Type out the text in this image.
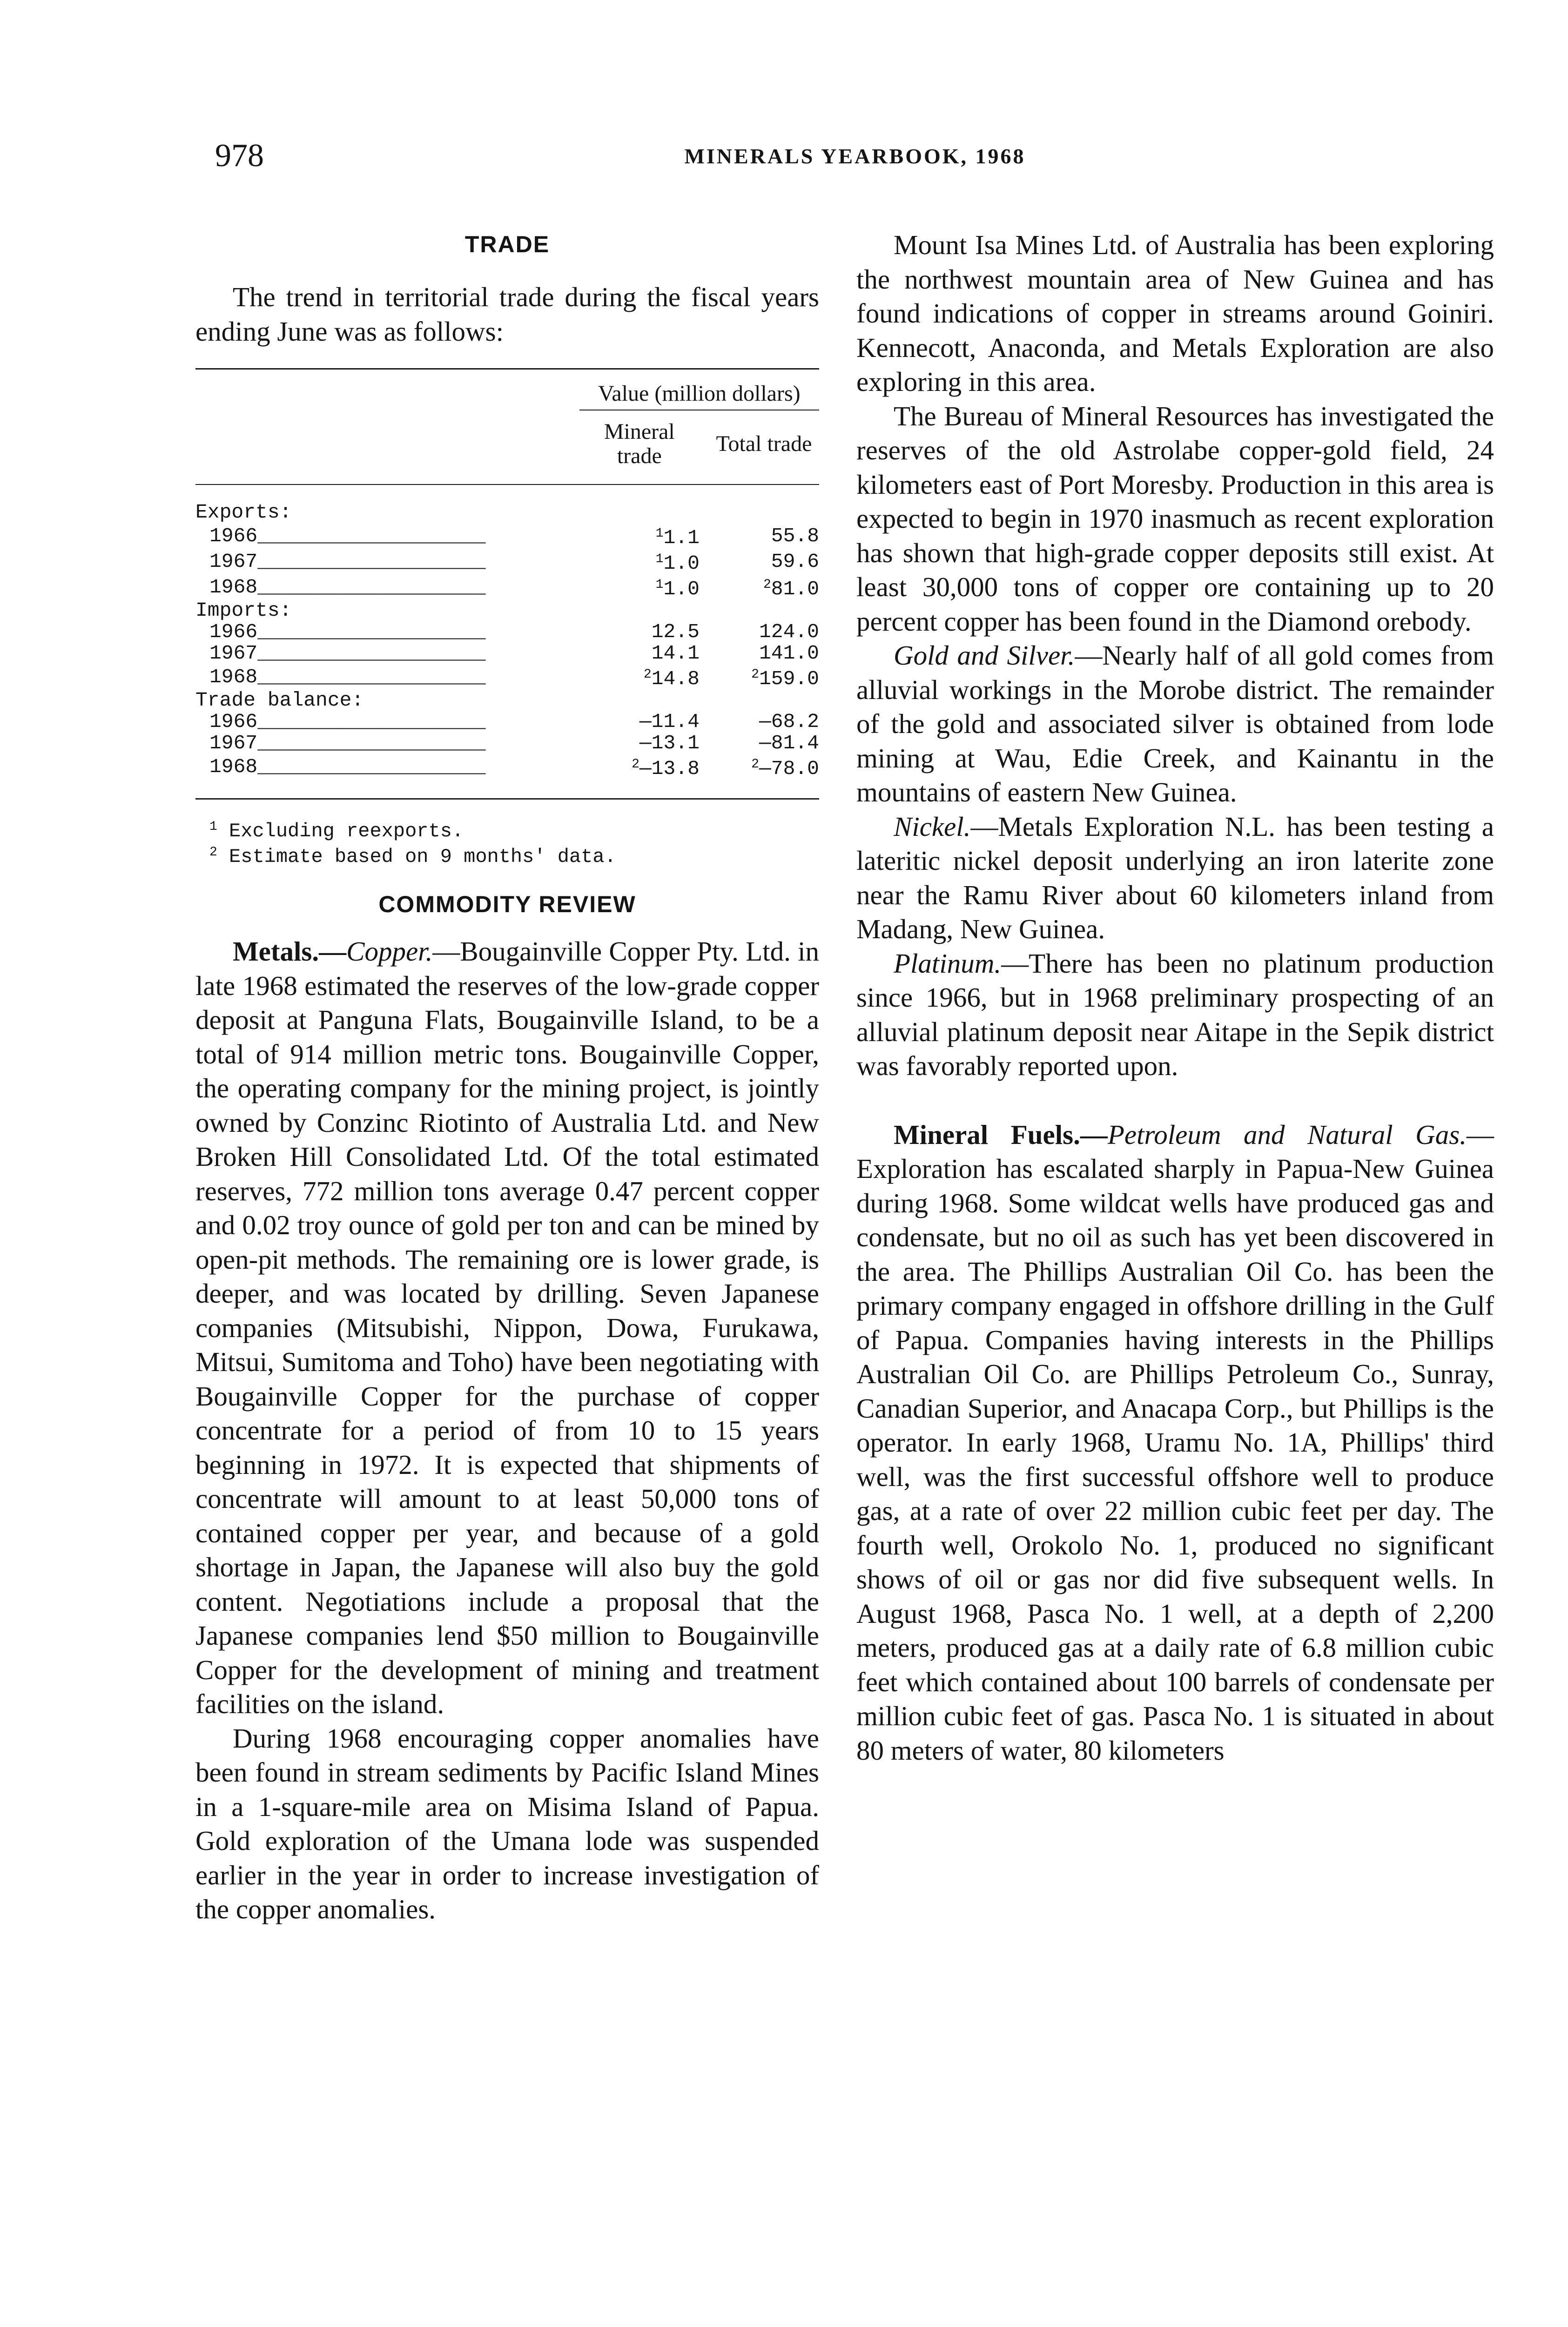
978	MINERALS YEARBOOK, 1968
TRADE

The trend in territorial trade during the fiscal years ending June was as follows:

	Value (million dollars)	
	Mineral trade	Total trade

Exports:		
1966___________________	$^1$1.1	55.8
1967___________________	$^1$1.0	59.6
1968___________________	$^1$1.0	$^2$81.0
Imports:		
1966___________________	12.5	124.0
1967___________________	14.1	141.0
1968___________________	$^2$14.8	$^2$159.0
Trade balance:		
1966___________________	—11.4	—68.2
1967___________________	—13.1	—81.4
1968___________________	$^2$—13.8	$^2$—78.0

$^1$ Excluding reexports.
$^2$ Estimate based on 9 months' data.
COMMODITY REVIEW

Metals.—Copper.—Bougainville Copper Pty. Ltd. in late 1968 estimated the reserves of the low-grade copper deposit at Panguna Flats, Bougainville Island, to be a total of 914 million metric tons. Bougainville Copper, the operating company for the mining project, is jointly owned by Conzinc Riotinto of Australia Ltd. and New Broken Hill Consolidated Ltd. Of the total estimated reserves, 772 million tons average 0.47 percent copper and 0.02 troy ounce of gold per ton and can be mined by open-pit methods. The remaining ore is lower grade, is deeper, and was located by drilling. Seven Japanese companies (Mitsubishi, Nippon, Dowa, Furukawa, Mitsui, Sumitoma and Toho) have been negotiating with Bougainville Copper for the purchase of copper concentrate for a period of from 10 to 15 years beginning in 1972. It is expected that shipments of concentrate will amount to at least 50,000 tons of contained copper per year, and because of a gold shortage in Japan, the Japanese will also buy the gold content. Negotiations include a proposal that the Japanese companies lend $50 million to Bougainville Copper for the development of mining and treatment facilities on the island.

During 1968 encouraging copper anomalies have been found in stream sediments by Pacific Island Mines in a 1-square-mile area on Misima Island of Papua. Gold exploration of the Umana lode was suspended earlier in the year in order to increase investigation of the copper anomalies.

Mount Isa Mines Ltd. of Australia has been exploring the northwest mountain area of New Guinea and has found indications of copper in streams around Goiniri. Kennecott, Anaconda, and Metals Exploration are also exploring in this area.

The Bureau of Mineral Resources has investigated the reserves of the old Astrolabe copper-gold field, 24 kilometers east of Port Moresby. Production in this area is expected to begin in 1970 inasmuch as recent exploration has shown that high-grade copper deposits still exist. At least 30,000 tons of copper ore containing up to 20 percent copper has been found in the Diamond orebody.

Gold and Silver.—Nearly half of all gold comes from alluvial workings in the Morobe district. The remainder of the gold and associated silver is obtained from lode mining at Wau, Edie Creek, and Kainantu in the mountains of eastern New Guinea.

Nickel.—Metals Exploration N.L. has been testing a lateritic nickel deposit underlying an iron laterite zone near the Ramu River about 60 kilometers inland from Madang, New Guinea.

Platinum.—There has been no platinum production since 1966, but in 1968 preliminary prospecting of an alluvial platinum deposit near Aitape in the Sepik district was favorably reported upon.

Mineral Fuels.—Petroleum and Natural Gas.—Exploration has escalated sharply in Papua-New Guinea during 1968. Some wildcat wells have produced gas and condensate, but no oil as such has yet been discovered in the area. The Phillips Australian Oil Co. has been the primary company engaged in offshore drilling in the Gulf of Papua. Companies having interests in the Phillips Australian Oil Co. are Phillips Petroleum Co., Sunray, Canadian Superior, and Anacapa Corp., but Phillips is the operator. In early 1968, Uramu No. 1A, Phillips' third well, was the first successful offshore well to produce gas, at a rate of over 22 million cubic feet per day. The fourth well, Orokolo No. 1, produced no significant shows of oil or gas nor did five subsequent wells. In August 1968, Pasca No. 1 well, at a depth of 2,200 meters, produced gas at a daily rate of 6.8 million cubic feet which contained about 100 barrels of condensate per million cubic feet of gas. Pasca No. 1 is situated in about 80 meters of water, 80 kilometers
